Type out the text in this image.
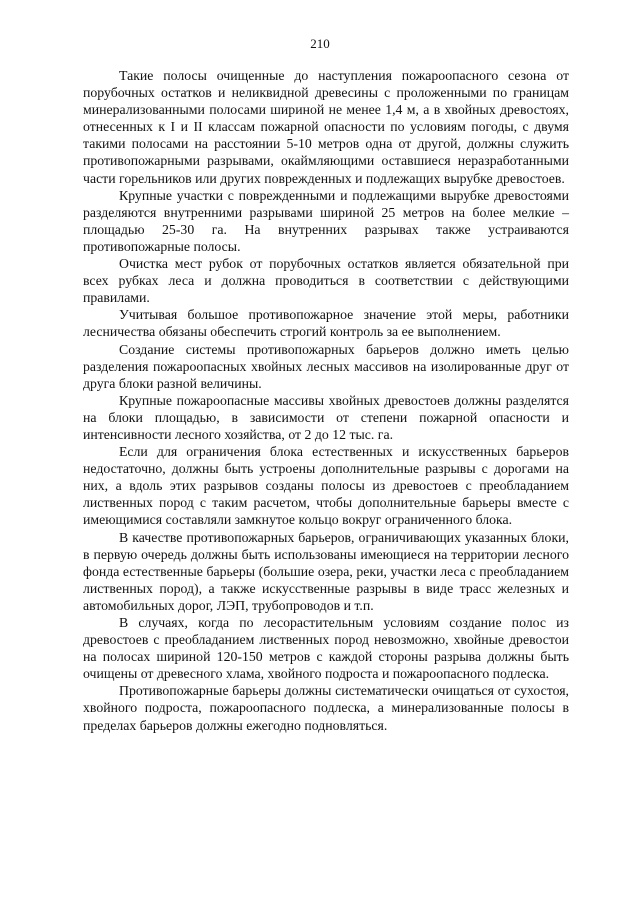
210

Такие полосы очищенные до наступления пожароопасного сезона от порубочных остатков и неликвидной древесины с проложенными по границам минерализованными полосами шириной не менее 1,4 м, а в хвойных древостоях, отнесенных к I и II классам пожарной опасности по условиям погоды, с двумя такими полосами на расстоянии 5-10 метров одна от другой, должны служить противопожарными разрывами, окаймляющими оставшиеся неразработанными части горельников или других поврежденных и подлежащих вырубке древостоев.

Крупные участки с поврежденными и подлежащими вырубке древостоями разделяются внутренними разрывами шириной 25 метров на более мелкие – площадью 25-30 га. На внутренних разрывах также устраиваются противопожарные полосы.

Очистка мест рубок от порубочных остатков является обязательной при всех рубках леса и должна проводиться в соответствии с действующими правилами.

Учитывая большое противопожарное значение этой меры, работники лесничества обязаны обеспечить строгий контроль за ее выполнением.

Создание системы противопожарных барьеров должно иметь целью разделения пожароопасных хвойных лесных массивов на изолированные друг от друга блоки разной величины.

Крупные пожароопасные массивы хвойных древостоев должны разделятся на блоки площадью, в зависимости от степени пожарной опасности и интенсивности лесного хозяйства, от 2 до 12 тыс. га.

Если для ограничения блока естественных и искусственных барьеров недостаточно, должны быть устроены дополнительные разрывы с дорогами на них, а вдоль этих разрывов созданы полосы из древостоев с преобладанием лиственных пород с таким расчетом, чтобы дополнительные барьеры вместе с имеющимися составляли замкнутое кольцо вокруг ограниченного блока.

В качестве противопожарных барьеров, ограничивающих указанных блоки, в первую очередь должны быть использованы имеющиеся на территории лесного фонда естественные барьеры (большие озера, реки, участки леса с преобладанием лиственных пород), а также искусственные разрывы в виде трасс железных и автомобильных дорог, ЛЭП, трубопроводов и т.п.

В случаях, когда по лесорастительным условиям создание полос из древостоев с преобладанием лиственных пород невозможно, хвойные древостои на полосах шириной 120-150 метров с каждой стороны разрыва должны быть очищены от древесного хлама, хвойного подроста и пожароопасного подлеска.

Противопожарные барьеры должны систематически очищаться от сухостоя, хвойного подроста, пожароопасного подлеска, а минерализованные полосы в пределах барьеров должны ежегодно подновляться.
